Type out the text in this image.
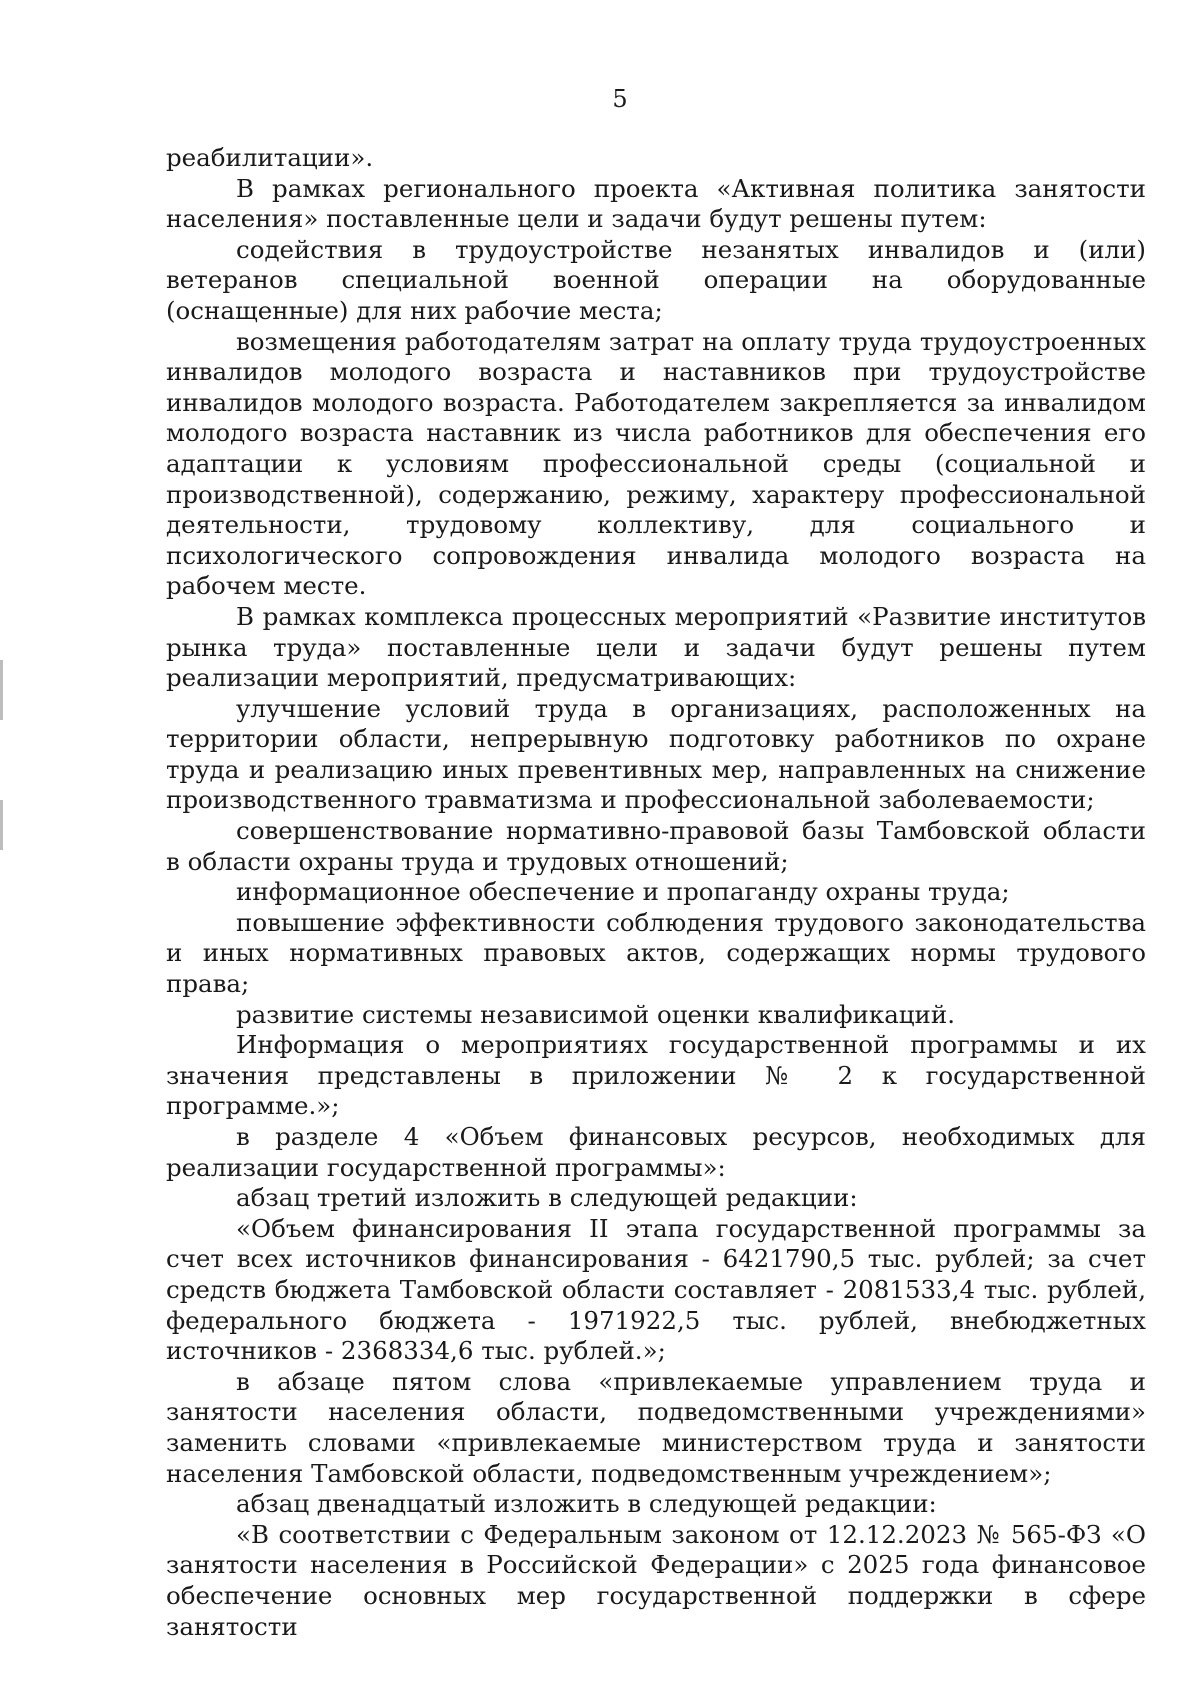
5

реабилитации».

В рамках регионального проекта «Активная политика занятости населения» поставленные цели и задачи будут решены путем:

содействия в трудоустройстве незанятых инвалидов и (или) ветеранов специальной военной операции на оборудованные (оснащенные) для них рабочие места;

возмещения работодателям затрат на оплату труда трудоустроенных инвалидов молодого возраста и наставников при трудоустройстве инвалидов молодого возраста. Работодателем закрепляется за инвалидом молодого возраста наставник из числа работников для обеспечения его адаптации к условиям профессиональной среды (социальной и производственной), содержанию, режиму, характеру профессиональной деятельности, трудовому коллективу, для социального и психологического сопровождения инвалида молодого возраста на рабочем месте.

В рамках комплекса процессных мероприятий «Развитие институтов рынка труда» поставленные цели и задачи будут решены путем реализации мероприятий, предусматривающих:

улучшение условий труда в организациях, расположенных на территории области, непрерывную подготовку работников по охране труда и реализацию иных превентивных мер, направленных на снижение производственного травматизма и профессиональной заболеваемости;

совершенствование нормативно-правовой базы Тамбовской области в области охраны труда и трудовых отношений;

информационное обеспечение и пропаганду охраны труда;

повышение эффективности соблюдения трудового законодательства и иных нормативных правовых актов, содержащих нормы трудового права;

развитие системы независимой оценки квалификаций.

Информация о мероприятиях государственной программы и их значения представлены в приложении № 2 к государственной программе.»;

в разделе 4 «Объем финансовых ресурсов, необходимых для реализации государственной программы»:

абзац третий изложить в следующей редакции:

«Объем финансирования II этапа государственной программы за счет всех источников финансирования - 6421790,5 тыс. рублей; за счет средств бюджета Тамбовской области составляет - 2081533,4 тыс. рублей, федерального бюджета - 1971922,5 тыс. рублей, внебюджетных источников - 2368334,6 тыс. рублей.»;

в абзаце пятом слова «привлекаемые управлением труда и занятости населения области, подведомственными учреждениями» заменить словами «привлекаемые министерством труда и занятости населения Тамбовской области, подведомственным учреждением»;

абзац двенадцатый изложить в следующей редакции:

«В соответствии с Федеральным законом от 12.12.2023 № 565-ФЗ «О занятости населения в Российской Федерации» с 2025 года финансовое обеспечение основных мер государственной поддержки в сфере занятости
